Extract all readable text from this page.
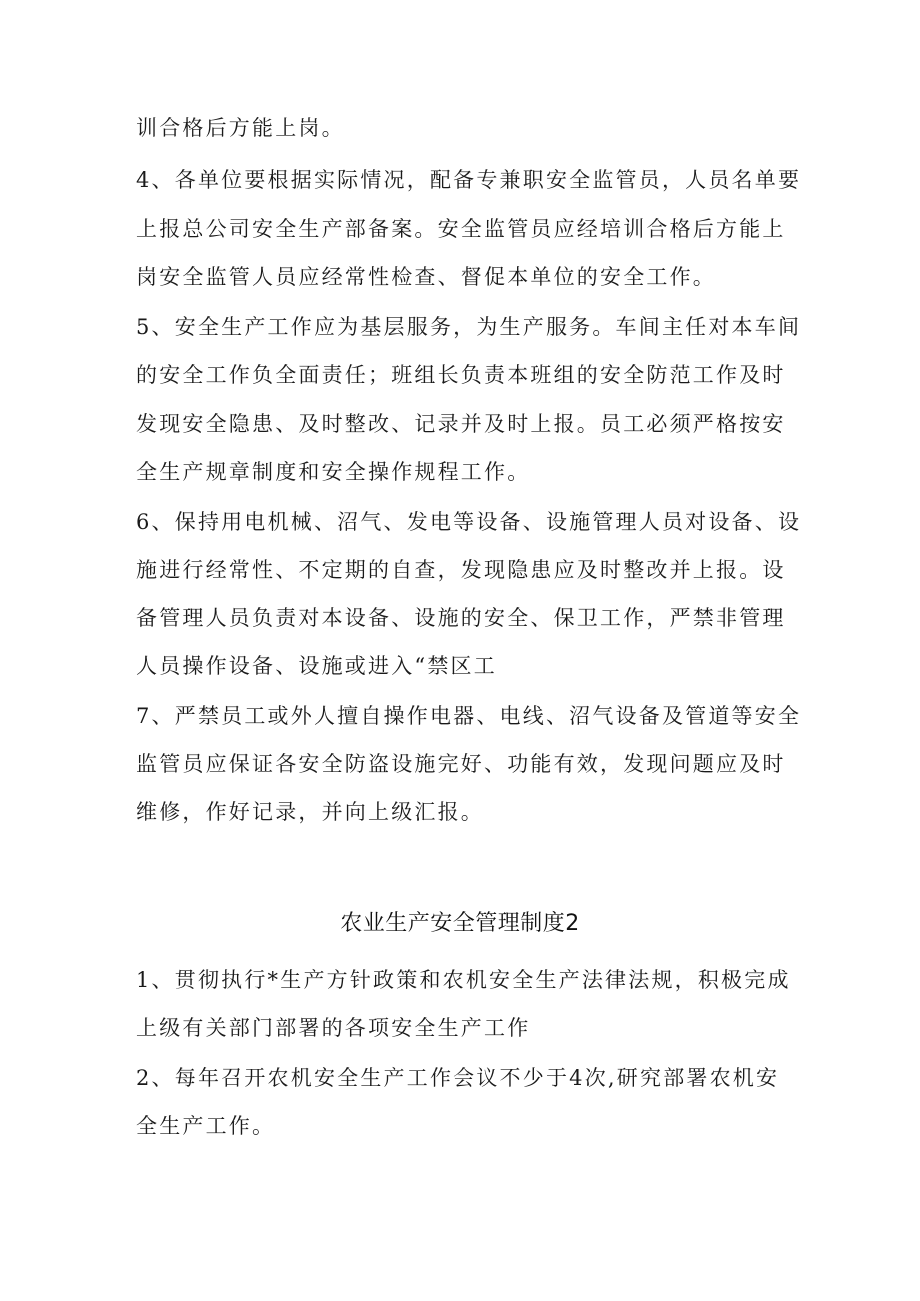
训合格后方能上岗。

4、各单位要根据实际情况，配备专兼职安全监管员，人员名单要

上报总公司安全生产部备案。安全监管员应经培训合格后方能上

岗安全监管人员应经常性检查、督促本单位的安全工作。

5、安全生产工作应为基层服务，为生产服务。车间主任对本车间

的安全工作负全面责任；班组长负责本班组的安全防范工作及时

发现安全隐患、及时整改、记录并及时上报。员工必须严格按安

全生产规章制度和安全操作规程工作。

6、保持用电机械、沼气、发电等设备、设施管理人员对设备、设

施进行经常性、不定期的自查，发现隐患应及时整改并上报。设

备管理人员负责对本设备、设施的安全、保卫工作，严禁非管理

人员操作设备、设施或进入“禁区工

7、严禁员工或外人擅自操作电器、电线、沼气设备及管道等安全

监管员应保证各安全防盗设施完好、功能有效，发现问题应及时

维修，作好记录，并向上级汇报。

农业生产安全管理制度2

1、贯彻执行*生产方针政策和农机安全生产法律法规，积极完成

上级有关部门部署的各项安全生产工作

2、每年召开农机安全生产工作会议不少于4次,研究部署农机安

全生产工作。
